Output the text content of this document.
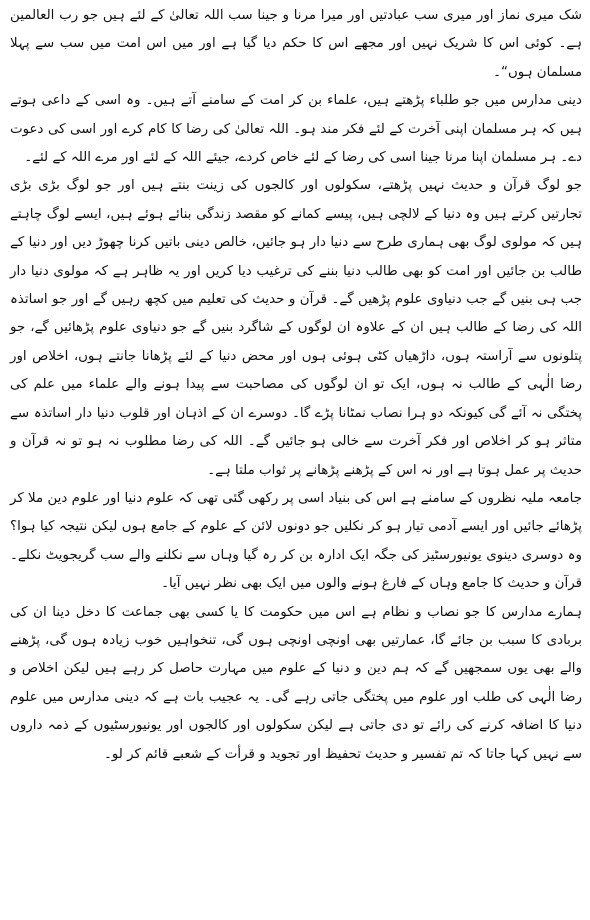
شک میری نماز اور میری سب عبادتیں اور میرا مرنا و جینا سب اللہ تعالیٰ کے لئے ہیں جو رب العالمین ہے۔ کوئی اس کا شریک نہیں اور مجھے اس کا حکم دیا گیا ہے اور میں اس امت میں سب سے پہلا مسلمان ہوں“۔

دینی مدارس میں جو طلباء پڑھتے ہیں، علماء بن کر امت کے سامنے آتے ہیں۔ وہ اسی کے داعی ہوتے ہیں کہ ہر مسلمان اپنی آخرت کے لئے فکر مند ہو۔ اللہ تعالیٰ کی رضا کا کام کرے اور اسی کی دعوت دے۔ ہر مسلمان اپنا مرنا جینا اسی کی رضا کے لئے خاص کردے، جیئے اللہ کے لئے اور مرے اللہ کے لئے۔

جو لوگ قرآن و حدیث نہیں پڑھتے، سکولوں اور کالجوں کی زینت بنتے ہیں اور جو لوگ بڑی بڑی تجارتیں کرتے ہیں وہ دنیا کے لالچی ہیں، پیسے کمانے کو مقصد زندگی بنائے ہوئے ہیں، ایسے لوگ چاہتے ہیں کہ مولوی لوگ بھی ہماری طرح سے دنیا دار ہو جائیں، خالص دینی باتیں کرنا چھوڑ دیں اور دنیا کے طالب بن جائیں اور امت کو بھی طالب دنیا بننے کی ترغیب دیا کریں اور یہ ظاہر ہے کہ مولوی دنیا دار جب ہی بنیں گے جب دنیاوی علوم پڑھیں گے۔ قرآن و حدیث کی تعلیم میں کچھ رہیں گے اور جو اساتذہ اللہ کی رضا کے طالب ہیں ان کے علاوہ ان لوگوں کے شاگرد بنیں گے جو دنیاوی علوم پڑھائیں گے، جو پتلونوں سے آراستہ ہوں، داڑھیاں کٹی ہوئی ہوں اور محض دنیا کے لئے پڑھانا جانتے ہوں، اخلاص اور رضا الٰہی کے طالب نہ ہوں، ایک تو ان لوگوں کی مصاحبت سے پیدا ہونے والے علماء میں علم کی پختگی نہ آئے گی کیونکہ دو ہرا نصاب نمٹانا پڑے گا۔ دوسرے ان کے اذہان اور قلوب دنیا دار اساتذہ سے متاثر ہو کر اخلاص اور فکر آخرت سے خالی ہو جائیں گے۔ اللہ کی رضا مطلوب نہ ہو تو نہ قرآن و حدیث پر عمل ہوتا ہے اور نہ اس کے پڑھنے پڑھانے پر ثواب ملتا ہے۔

جامعہ ملیہ نظروں کے سامنے ہے اس کی بنیاد اسی پر رکھی گئی تھی کہ علوم دنیا اور علوم دین ملا کر پڑھائے جائیں اور ایسے آدمی تیار ہو کر نکلیں جو دونوں لائن کے علوم کے جامع ہوں لیکن نتیجہ کیا ہوا؟ وہ دوسری دینوی یونیورسٹیز کی جگہ ایک ادارہ بن کر رہ گیا وہاں سے نکلنے والے سب گریجویٹ نکلے۔ قرآن و حدیث کا جامع وہاں کے فارغ ہونے والوں میں ایک بھی نظر نہیں آیا۔

ہمارے مدارس کا جو نصاب و نظام ہے اس میں حکومت کا یا کسی بھی جماعت کا دخل دینا ان کی بربادی کا سبب بن جائے گا، عمارتیں بھی اونچی اونچی ہوں گی، تنخواہیں خوب زیادہ ہوں گی، پڑھنے والے بھی یوں سمجھیں گے کہ ہم دین و دنیا کے علوم میں مہارت حاصل کر رہے ہیں لیکن اخلاص و رضا الٰہی کی طلب اور علوم میں پختگی جاتی رہے گی۔ یہ عجیب بات ہے کہ دینی مدارس میں علوم دنیا کا اضافہ کرنے کی رائے تو دی جاتی ہے لیکن سکولوں اور کالجوں اور یونیورسٹیوں کے ذمہ داروں سے نہیں کہا جاتا کہ تم تفسیر و حدیث تحفیظ اور تجوید و قرأت کے شعبے قائم کر لو۔
